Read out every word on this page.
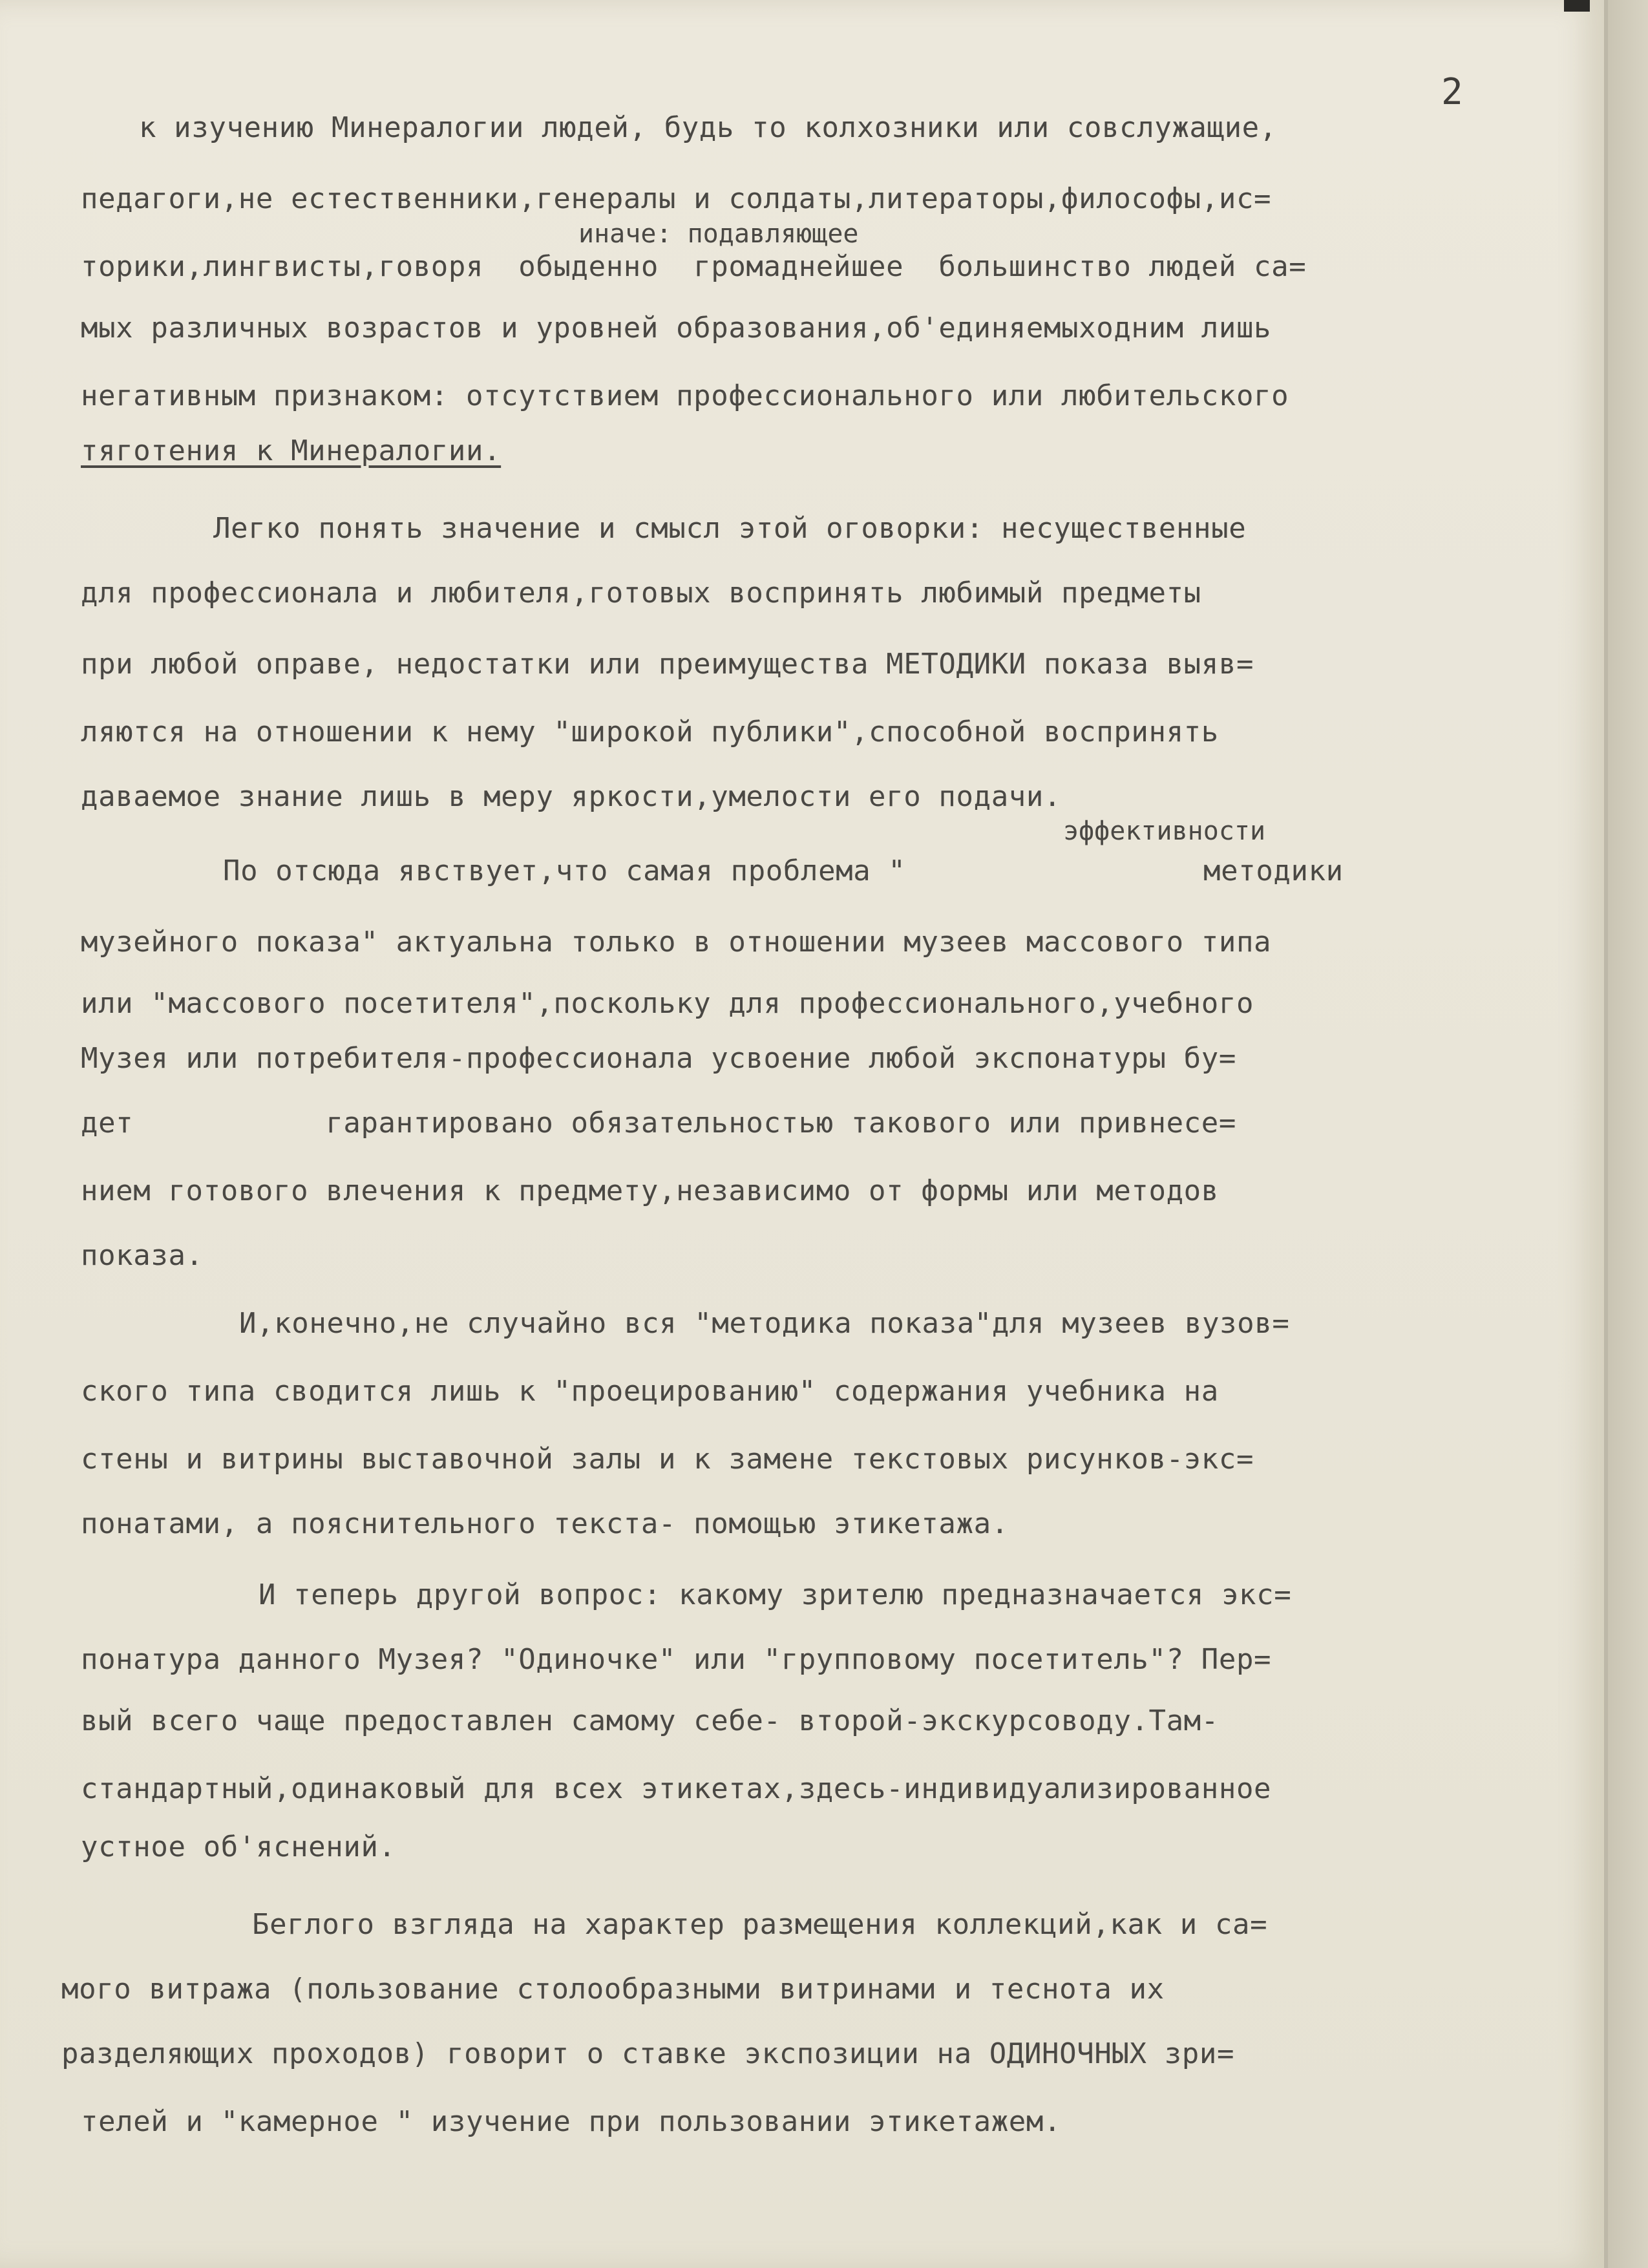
2

иначе: подавляющее

эффективности

к изучению Минералогии людей, будь то колхозники или совслужащие,

педагоги,не естественники,генералы и солдаты,литераторы,философы,ис=

торики,лингвисты,говоря  обыденно  громаднейшее  большинство людей са=

мых различных возрастов и уровней образования,об'единяемыходним лишь

негативным признаком: отсутствием профессионального или любительского

тяготения к Минералогии.

Легко понять значение и смысл этой оговорки: несущественные

для профессионала и любителя,готовых воспринять любимый предметы

при любой оправе, недостатки или преимущества МЕТОДИКИ показа выяв=

ляются на отношении к нему "широкой публики",способной воспринять

даваемое знание лишь в меру яркости,умелости его подачи.

По отсюда явствует,что самая проблема "                 методики

музейного показа" актуальна только в отношении музеев массового типа

или "массового посетителя",поскольку для профессионального,учебного

Музея или потребителя-профессионала усвоение любой экспонатуры бу=

дет           гарантировано обязательностью такового или привнесе=

нием готового влечения к предмету,независимо от формы или методов

показа.

И,конечно,не случайно вся "методика показа"для музеев вузов=

ского типа сводится лишь к "проецированию" содержания учебника на

стены и витрины выставочной залы и к замене текстовых рисунков-экс=

понатами, а пояснительного текста- помощью этикетажа.

И теперь другой вопрос: какому зрителю предназначается экс=

понатура данного Музея? "Одиночке" или "групповому посетитель"? Пер=

вый всего чаще предоставлен самому себе- второй-экскурсоводу.Там-

стандартный,одинаковый для всех этикетах,здесь-индивидуализированное

устное об'яснений.

Беглого взгляда на характер размещения коллекций,как и са=

мого витража (пользование столообразными витринами и теснота их

разделяющих проходов) говорит о ставке экспозиции на ОДИНОЧНЫХ зри=

телей и "камерное " изучение при пользовании этикетажем.
